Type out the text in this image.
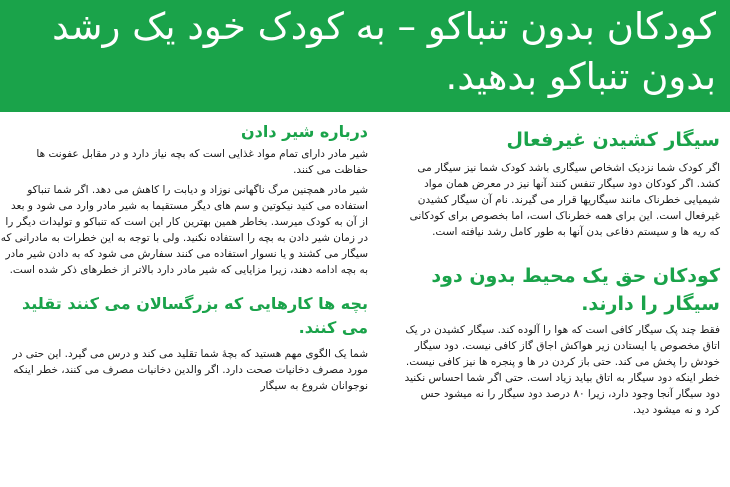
کودکان بدون تنباکو – به کودک خود یک رشد بدون تنباکو بدهید.
سیگار کشیدن غیرفعال

اگر کودک شما نزدیک اشخاص سیگاری باشد کودک شما نیز سیگار می کشد. اگر کودکان دود سیگار تنفس کنند آنها نیز در معرض همان مواد شیمیایی خطرناک مانند سیگاریها قرار می گیرند. نام آن سیگار کشیدن غیرفعال است. این برای همه خطرناک است، اما بخصوص برای کودکانی که ریه ها و سیستم دفاعی بدن آنها به طور کامل رشد نیافته است.

کودکان حق یک محیط بدون دود سیگار را دارند.

فقط چند پک سیگار کافی است که هوا را آلوده کند. سیگار کشیدن در یک اتاق مخصوص یا ایستادن زیر هواکش اجاق گاز کافی نیست. دود سیگار خودش را پخش می کند. حتی باز کردن در ها و پنجره ها نیز کافی نیست. خطر اینکه دود سیگار به اتاق بیاید زیاد است. حتی اگر شما احساس نکنید دود سیگار آنجا وجود دارد، زیرا ۸۰ درصد دود سیگار را نه میشود حس کرد و نه میشود دید.

درباره شیر دادن

شیر مادر دارای تمام مواد غذایی است که بچه نیاز دارد و در مقابل عفونت ها حفاظت می کنند.

شیر مادر همچنین مرگ ناگهانی نوزاد و دیابت را کاهش می دهد. اگر شما تنباکو استفاده می کنید نیکوتین و سم های دیگر مستقیما به شیر مادر وارد می شود و بعد از آن به کودک میرسد. بخاطر همین بهترین کار این است که تنباکو و تولیدات دیگر را در زمان شیر دادن به بچه را استفاده نکنید. ولی با توجه به این خطرات به مادرانی که سیگار می کشند و یا نسوار استفاده می کنند سفارش می شود که به دادن شیر مادر به بچه ادامه دهند، زیرا مزایایی که شیر مادر دارد بالاتر از خطرهای ذکر شده است.

بچه ها کارهایی که بزرگسالان می کنند تقلید می کنند.

شما یک الگوی مهم هستید که بچهٔ شما تقلید می کند و درس می گیرد. این حتی در مورد مصرف دخانیات صحت دارد. اگر والدین دخانیات مصرف می کنند، خطر اینکه نوجوانان شروع به سیگار
